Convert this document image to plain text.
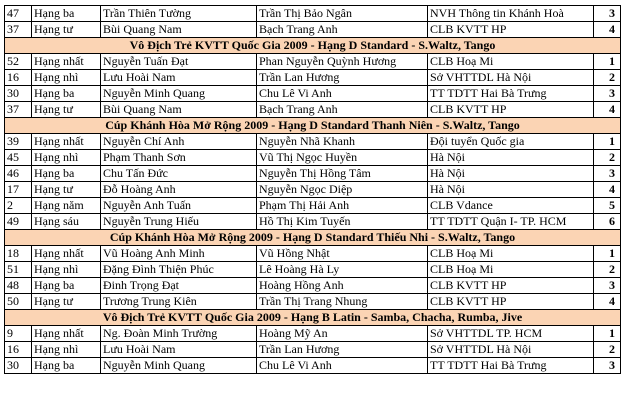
47	Hạng ba	Trần Thiên Tường	Trần Thị Bảo Ngân	NVH Thông tin Khánh Hoà	3
37	Hạng tư	Bùi Quang Nam	Bạch Trang Anh	CLB KVTT HP	4
Vô Địch Trẻ KVTT Quốc Gia 2009 - Hạng D Standard - S.Waltz, Tango					
52	Hạng nhất	Nguyễn Tuấn Đạt	Phan Nguyễn Quỳnh Hương	CLB Hoạ Mi	1
16	Hạng nhì	Lưu Hoài Nam	Trần Lan Hương	Sở VHTTDL Hà Nội	2
30	Hạng ba	Nguyễn Minh Quang	Chu Lê Vi Anh	TT TDTT Hai Bà Trưng	3
37	Hạng tư	Bùi Quang Nam	Bạch Trang Anh	CLB KVTT HP	4
Cúp Khánh Hòa Mở Rộng 2009 - Hạng D Standard Thanh Niên - S.Waltz, Tango					
39	Hạng nhất	Nguyễn Chí Anh	Nguyễn Nhã Khanh	Đội tuyển Quốc gia	1
45	Hạng nhì	Phạm Thanh Sơn	Vũ Thị Ngọc Huyền	Hà Nội	2
46	Hạng ba	Chu Tấn Đức	Nguyễn Thị Hồng Tâm	Hà Nội	3
17	Hạng tư	Đỗ Hoàng Anh	Nguyễn Ngọc Diệp	Hà Nội	4
2	Hạng năm	Nguyễn Anh Tuấn	Phạm Thị Hải Anh	CLB Vdance	5
49	Hạng sáu	Nguyễn Trung Hiếu	Hồ Thị Kim Tuyến	TT TDTT Quận I- TP. HCM	6
Cúp Khánh Hòa Mở Rộng 2009 - Hạng D Standard Thiếu Nhi - S.Waltz, Tango					
18	Hạng nhất	Vũ Hoàng Anh Minh	Vũ Hồng Nhật	CLB Hoạ Mi	1
51	Hạng nhì	Đặng Đình Thiện Phúc	Lê Hoàng Hà Ly	CLB Hoạ Mi	2
48	Hạng ba	Đinh Trọng Đạt	Hoàng Hồng Anh	CLB KVTT HP	3
50	Hạng tư	Trương Trung Kiên	Trần Thị Trang Nhung	CLB KVTT HP	4
Vô Địch Trẻ KVTT Quốc Gia 2009 - Hạng B Latin - Samba, Chacha, Rumba, Jive					
9	Hạng nhất	Ng. Đoàn Minh Trường	Hoàng Mỹ An	Sở VHTTDL TP. HCM	1
16	Hạng nhì	Lưu Hoài Nam	Trần Lan Hương	Sở VHTTDL Hà Nội	2
30	Hạng ba	Nguyễn Minh Quang	Chu Lê Vi Anh	TT TDTT Hai Bà Trưng	3
